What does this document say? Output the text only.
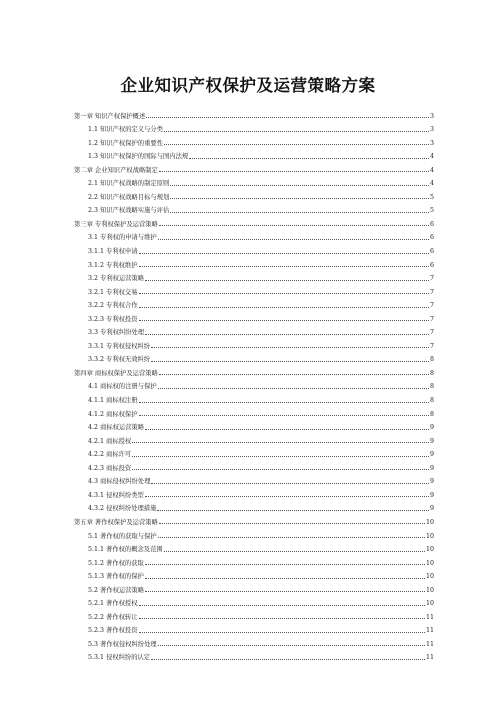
企业知识产权保护及运营策略方案
第一章 知识产权保护概述	3
1.1 知识产权的定义与分类	3
1.2 知识产权保护的重要性	3
1.3 知识产权保护的国际与国内法规	4
第二章 企业知识产权战略制定	4
2.1 知识产权战略的制定原则	4
2.2 知识产权战略目标与规划	5
2.3 知识产权战略实施与评估	5
第三章 专利权保护及运营策略	6
3.1 专利权的申请与维护	6
3.1.1 专利权申请	6
3.1.2 专利权维护	6
3.2 专利权运营策略	7
3.2.1 专利权交易	7
3.2.2 专利权合作	7
3.2.3 专利权投资	7
3.3 专利权纠纷处理	7
3.3.1 专利权侵权纠纷	7
3.3.2 专利权无效纠纷	8
第四章 商标权保护及运营策略	8
4.1 商标权的注册与保护	8
4.1.1 商标权注册	8
4.1.2 商标权保护	8
4.2 商标权运营策略	9
4.2.1 商标授权	9
4.2.2 商标许可	9
4.2.3 商标投资	9
4.3 商标侵权纠纷处理	9
4.3.1 侵权纠纷类型	9
4.3.2 侵权纠纷处理措施	9
第五章 著作权保护及运营策略	10
5.1 著作权的获取与保护	10
5.1.1 著作权的概念及范围	10
5.1.2 著作权的获取	10
5.1.3 著作权的保护	10
5.2 著作权运营策略	10
5.2.1 著作权授权	10
5.2.2 著作权转让	11
5.2.3 著作权投资	11
5.3 著作权侵权纠纷处理	11
5.3.1 侵权纠纷的认定	11
